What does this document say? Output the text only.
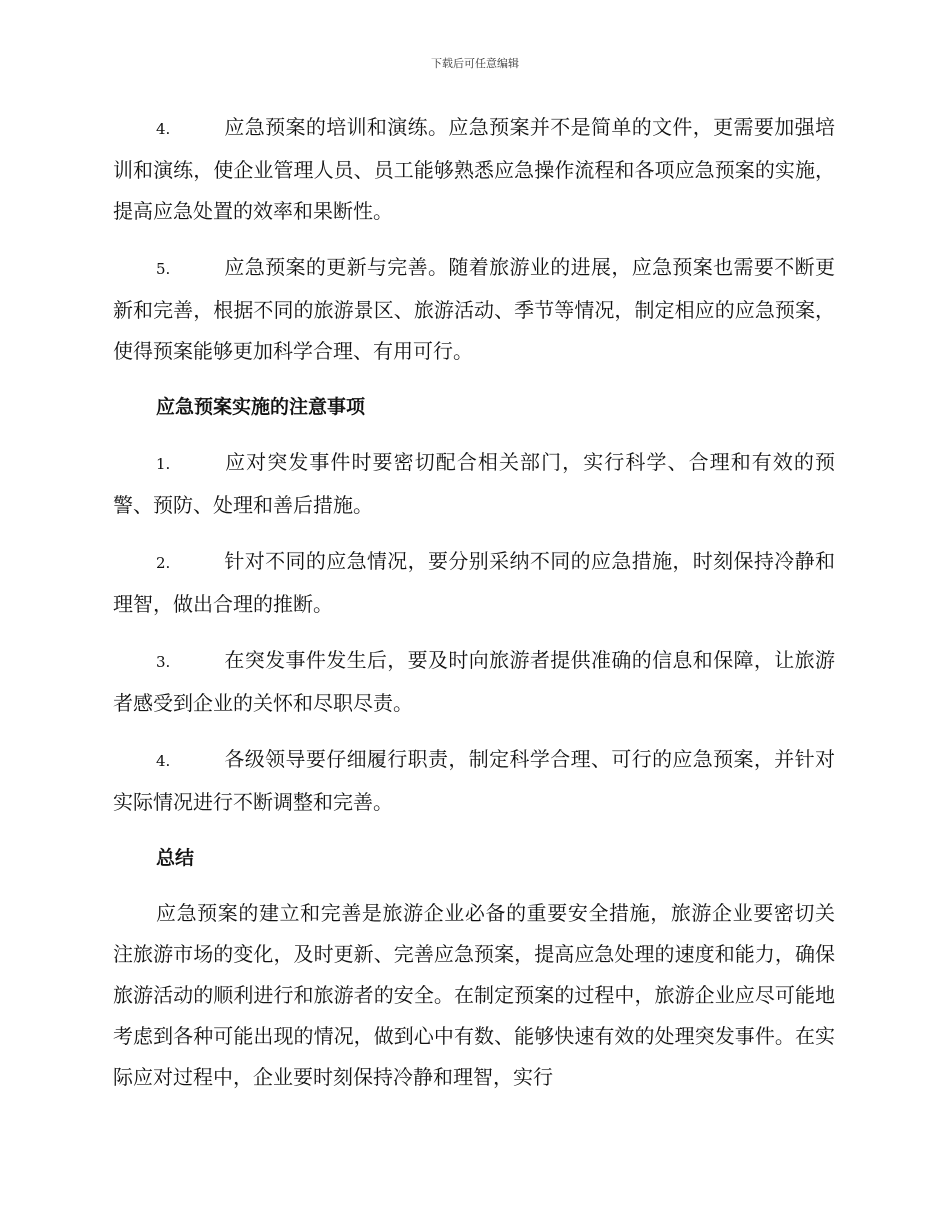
下载后可任意编辑

4.	应急预案的培训和演练。应急预案并不是简单的文件，更需要加强培训和演练，使企业管理人员、员工能够熟悉应急操作流程和各项应急预案的实施，提高应急处置的效率和果断性。

5.	应急预案的更新与完善。随着旅游业的进展，应急预案也需要不断更新和完善，根据不同的旅游景区、旅游活动、季节等情况，制定相应的应急预案，使得预案能够更加科学合理、有用可行。

应急预案实施的注意事项

1.	应对突发事件时要密切配合相关部门，实行科学、合理和有效的预警、预防、处理和善后措施。

2.	针对不同的应急情况，要分别采纳不同的应急措施，时刻保持冷静和理智，做出合理的推断。

3.	在突发事件发生后，要及时向旅游者提供准确的信息和保障，让旅游者感受到企业的关怀和尽职尽责。

4.	各级领导要仔细履行职责，制定科学合理、可行的应急预案，并针对实际情况进行不断调整和完善。

总结

应急预案的建立和完善是旅游企业必备的重要安全措施，旅游企业要密切关注旅游市场的变化，及时更新、完善应急预案，提高应急处理的速度和能力，确保旅游活动的顺利进行和旅游者的安全。在制定预案的过程中，旅游企业应尽可能地考虑到各种可能出现的情况，做到心中有数、能够快速有效的处理突发事件。在实际应对过程中，企业要时刻保持冷静和理智，实行
